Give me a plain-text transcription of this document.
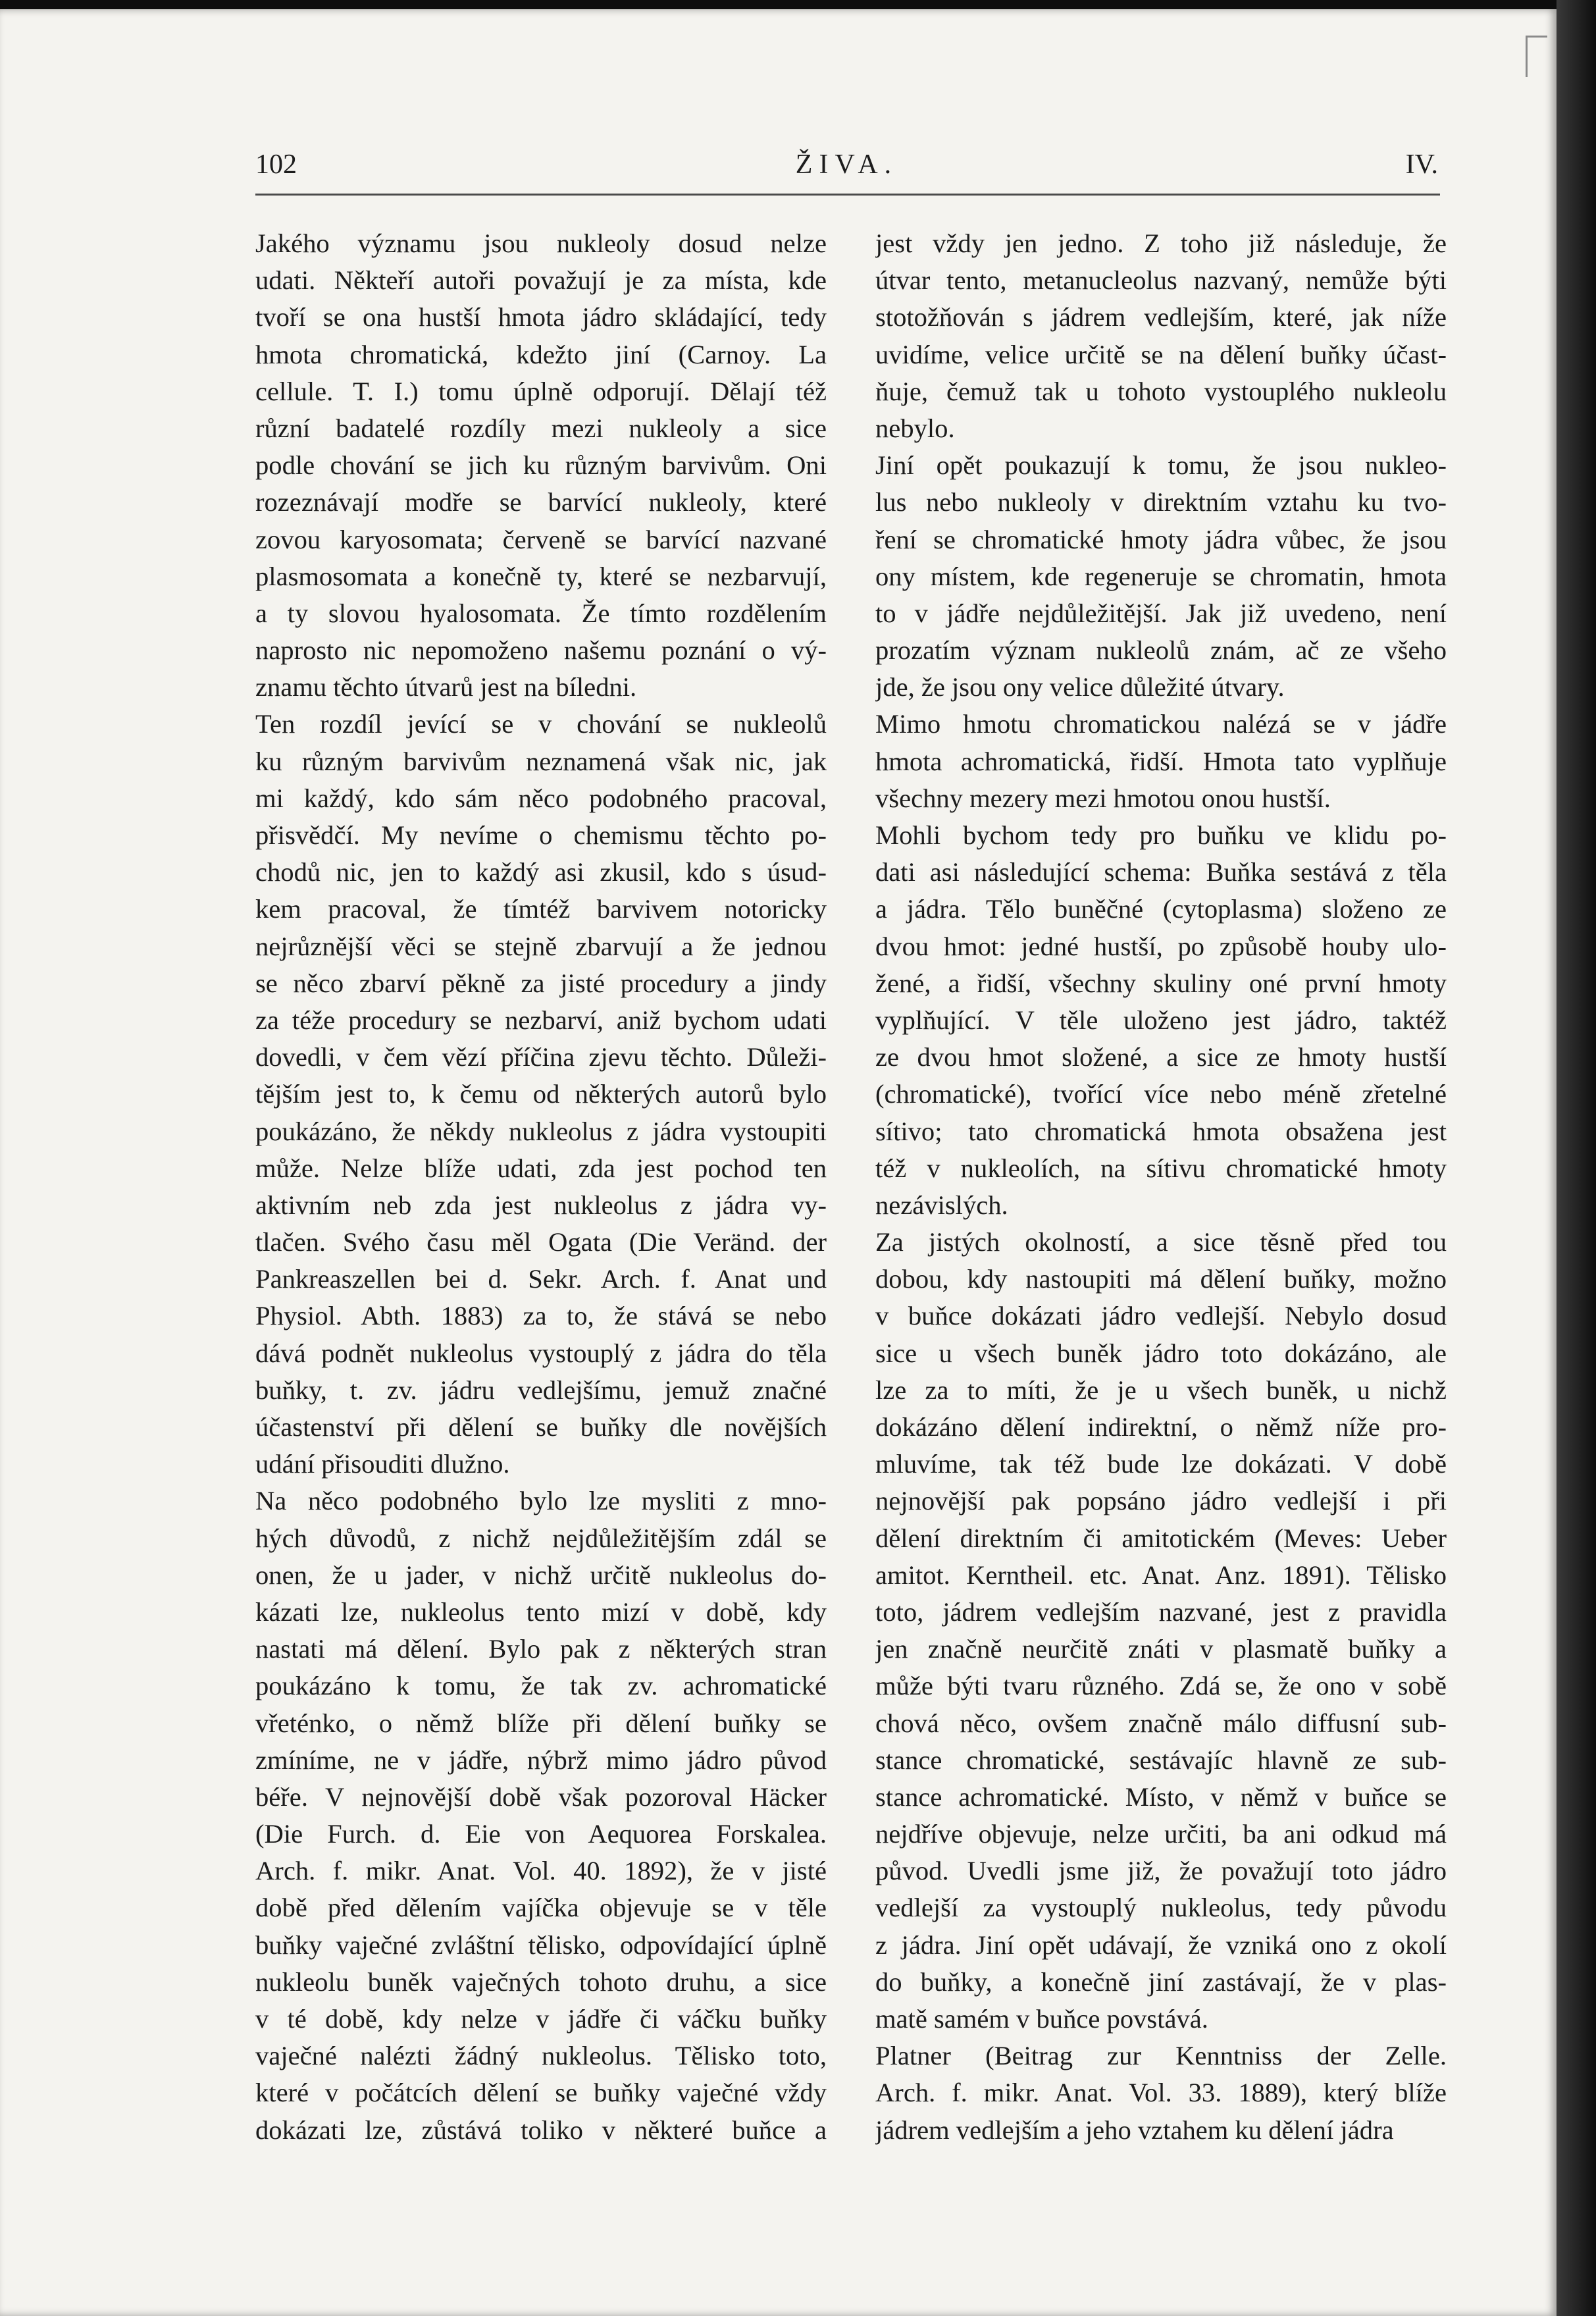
102	ŽIVA.	IV.
Jakého významu jsou nukleoly dosud nelze
udati. Někteří autoři považují je za místa, kde
tvoří se ona hustší hmota jádro skládající, tedy
hmota chromatická, kdežto jiní (Carnoy. La
cellule. T. I.) tomu úplně odporují. Dělají též
různí badatelé rozdíly mezi nukleoly a sice
podle chování se jich ku různým barvivům. Oni
rozeznávají modře se barvící nukleoly, které
zovou karyosomata; červeně se barvící nazvané
plasmosomata a konečně ty, které se nezbarvují,
a ty slovou hyalosomata. Že tímto rozdělením
naprosto nic nepomoženo našemu poznání o vý-
znamu těchto útvarů jest na bíledni.
Ten rozdíl jevící se v chování se nukleolů
ku různým barvivům neznamená však nic, jak
mi každý, kdo sám něco podobného pracoval,
přisvědčí. My nevíme o chemismu těchto po-
chodů nic, jen to každý asi zkusil, kdo s úsud-
kem pracoval, že tímtéž barvivem notoricky
nejrůznější věci se stejně zbarvují a že jednou
se něco zbarví pěkně za jisté procedury a jindy
za téže procedury se nezbarví, aniž bychom udati
dovedli, v čem vězí příčina zjevu těchto. Důleži-
tějším jest to, k čemu od některých autorů bylo
poukázáno, že někdy nukleolus z jádra vystoupiti
může. Nelze blíže udati, zda jest pochod ten
aktivním neb zda jest nukleolus z jádra vy-
tlačen. Svého času měl Ogata (Die Veränd. der
Pankreaszellen bei d. Sekr. Arch. f. Anat und
Physiol. Abth. 1883) za to, že stává se nebo
dává podnět nukleolus vystouplý z jádra do těla
buňky, t. zv. jádru vedlejšímu, jemuž značné
účastenství při dělení se buňky dle novějších
udání přisouditi dlužno.
Na něco podobného bylo lze mysliti z mno-
hých důvodů, z nichž nejdůležitějším zdál se
onen, že u jader, v nichž určitě nukleolus do-
kázati lze, nukleolus tento mizí v době, kdy
nastati má dělení. Bylo pak z některých stran
poukázáno k tomu, že tak zv. achromatické
vřeténko, o němž blíže při dělení buňky se
zmíníme, ne v jádře, nýbrž mimo jádro původ
béře. V nejnovější době však pozoroval Häcker
(Die Furch. d. Eie von Aequorea Forskalea.
Arch. f. mikr. Anat. Vol. 40. 1892), že v jisté
době před dělením vajíčka objevuje se v těle
buňky vaječné zvláštní tělisko, odpovídající úplně
nukleolu buněk vaječných tohoto druhu, a sice
v té době, kdy nelze v jádře či váčku buňky
vaječné nalézti žádný nukleolus. Tělisko toto,
které v počátcích dělení se buňky vaječné vždy
dokázati lze, zůstává toliko v některé buňce a
jest vždy jen jedno. Z toho již následuje, že
útvar tento, metanucleolus nazvaný, nemůže býti
stotožňován s jádrem vedlejším, které, jak níže
uvidíme, velice určitě se na dělení buňky účast-
ňuje, čemuž tak u tohoto vystouplého nukleolu
nebylo.
Jiní opět poukazují k tomu, že jsou nukleo-
lus nebo nukleoly v direktním vztahu ku tvo-
ření se chromatické hmoty jádra vůbec, že jsou
ony místem, kde regeneruje se chromatin, hmota
to v jádře nejdůležitější. Jak již uvedeno, není
prozatím význam nukleolů znám, ač ze všeho
jde, že jsou ony velice důležité útvary.
Mimo hmotu chromatickou nalézá se v jádře
hmota achromatická, řidší. Hmota tato vyplňuje
všechny mezery mezi hmotou onou hustší.
Mohli bychom tedy pro buňku ve klidu po-
dati asi následující schema: Buňka sestává z těla
a jádra. Tělo buněčné (cytoplasma) složeno ze
dvou hmot: jedné hustší, po způsobě houby ulo-
žené, a řidší, všechny skuliny oné první hmoty
vyplňující. V těle uloženo jest jádro, taktéž
ze dvou hmot složené, a sice ze hmoty hustší
(chromatické), tvořící více nebo méně zřetelné
sítivo; tato chromatická hmota obsažena jest
též v nukleolích, na sítivu chromatické hmoty
nezávislých.
Za jistých okolností, a sice těsně před tou
dobou, kdy nastoupiti má dělení buňky, možno
v buňce dokázati jádro vedlejší. Nebylo dosud
sice u všech buněk jádro toto dokázáno, ale
lze za to míti, že je u všech buněk, u nichž
dokázáno dělení indirektní, o němž níže pro-
mluvíme, tak též bude lze dokázati. V době
nejnovější pak popsáno jádro vedlejší i při
dělení direktním či amitotickém (Meves: Ueber
amitot. Kerntheil. etc. Anat. Anz. 1891). Tělisko
toto, jádrem vedlejším nazvané, jest z pravidla
jen značně neurčitě znáti v plasmatě buňky a
může býti tvaru různého. Zdá se, že ono v sobě
chová něco, ovšem značně málo diffusní sub-
stance chromatické, sestávajíc hlavně ze sub-
stance achromatické. Místo, v němž v buňce se
nejdříve objevuje, nelze určiti, ba ani odkud má
původ. Uvedli jsme již, že považují toto jádro
vedlejší za vystouplý nukleolus, tedy původu
z jádra. Jiní opět udávají, že vzniká ono z okolí
do buňky, a konečně jiní zastávají, že v plas-
matě samém v buňce povstává.
Platner (Beitrag zur Kenntniss der Zelle.
Arch. f. mikr. Anat. Vol. 33. 1889), který blíže
jádrem vedlejším a jeho vztahem ku dělení jádra
